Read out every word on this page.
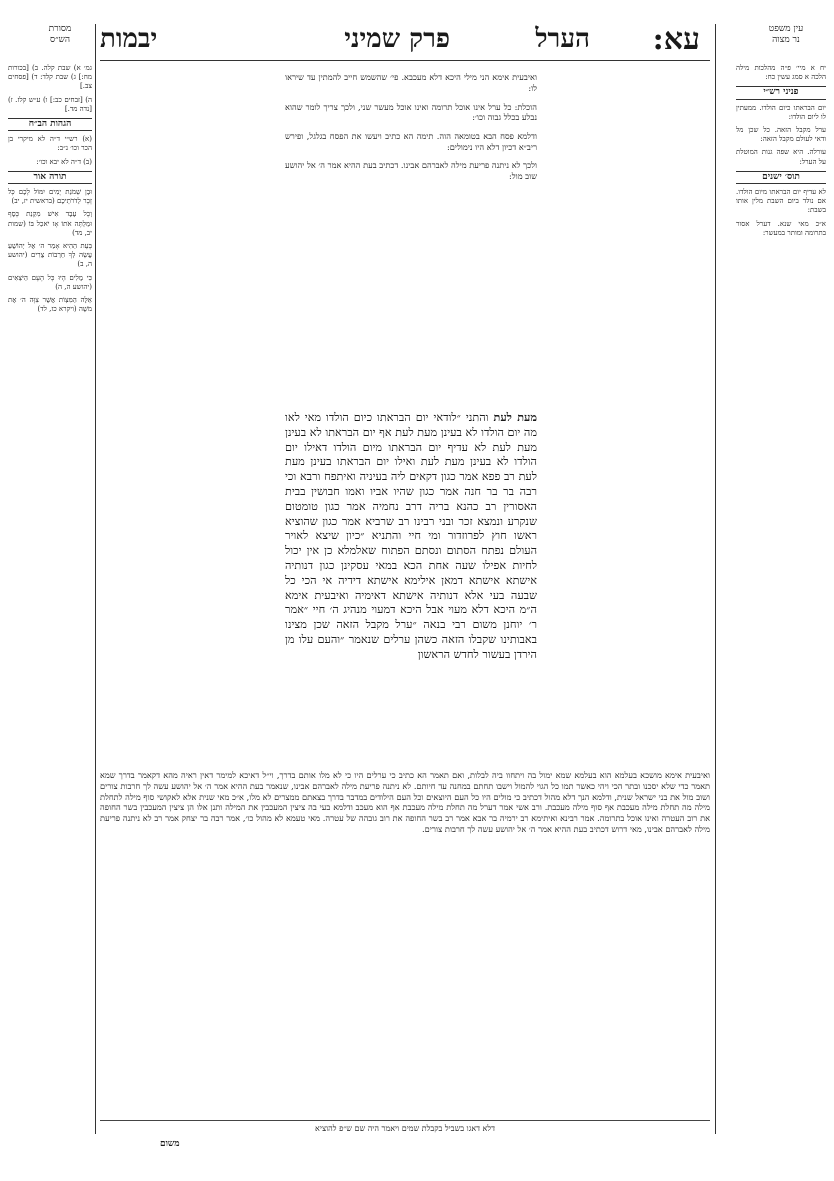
עא:
הערל
פרק שמיני
יבמות	עין משפט
נר מצוה
מסורת
הש״ס

יח א מיי׳ פ״ה מהלכות מילה הלכה א סמג עשין כח:

פניני רש״י

יום הבראתו כיום הולדו. ממעתין לו ליום הולדו:

ערל מקבל הזאה. כל שכן מל ודאי לעולם מקבל הזאה:

עורלה. היא שפה גנות המוטלת על הערל:

תוס׳ ישנים

לא עדיף יום הבראתו מיום הולדו. אם נולד ביום השבת מלין אותו בשבת:

א״כ מאי שנא. דערל אסור בתרומה ומותר במעשר:

גמ׳ א) שבת קלה. ב) [בכורות מח:] ג) שבת קלד: ד) [פסחים צב.]

ה) [זבחים כב:] ו) ע״ש קלז. ז) [נדה מד.]

הגהות הב״ח

(א) רש״י ד״ה לא מיקרי בן הכר וכו׳ נ״ב:

(ב) ד״ה לא יבא וכו׳:

תורה אור

וּבֶן שְׁמֹנַת יָמִים יִמּוֹל לָכֶם כָּל זָכָר לְדֹרֹתֵיכֶם (בראשית יז, יב)

וְכָל עֶבֶד אִישׁ מִקְנַת כָּסֶף וּמַלְתָּה אֹתוֹ אָז יֹאכַל בּוֹ (שמות יב, מד)

בָּעֵת הַהִיא אָמַר ה׳ אֶל יְהוֹשֻׁעַ עֲשֵׂה לְךָ חַרְבוֹת צֻרִים (יהושע ה, ב)

כִּי מֻלִים הָיוּ כָּל הָעָם הַיֹּצְאִים (יהושע ה, ה)

אֵלֶּה הַמִּצְוֹת אֲשֶׁר צִוָּה ה׳ אֶת מֹשֶׁה (ויקרא כז, לד)

ואיבעית אימא הני מילי היכא דלא מעכבא. פי׳ שהשמש חייב להמתין עד שיראו לו:

הוכלת: כל ערל אינו אוכל תרומה ואינו אוכל מעשר שני, ולכך צריך לומר שהוא נבלע בכלל גבוה וכו׳:

ודלמא פסח הבא בטומאה הוה. תימה הא כתיב ויעשו את הפסח בגלגל, ופירש ריב״א דכיון דלא היו נימולים:

ולכך לא ניתנה פריעת מילה לאברהם אבינו. דכתיב בעת ההיא אמר ה׳ אל יהושע שוב מול:

מעת לעת והתני ״לודאי יום הבראתו כיום הולדו מאי לאו מה יום הולדו לא בעינן מעת לעת אף יום הבראתו לא בעינן מעת לעת לא עדיף יום הבראתו מיום הולדו דאילו יום הולדו לא בעינן מעת לעת ואילו יום הבראתו בעינן מעת לעת רב פפא אמר כגון דקאים ליה בעיניה ואיתפח ורבא וכי רבה בר בר חנה אמר כגון שהיו אביו ואמו חבושין בבית האסורין רב כהנא בריה דרב נחמיה אמר כגון טומטום שנקרע ונמצא זכר ובני רבינו רב שרביא אמר כגון שהוציא ראשו חוץ לפרוזדור ומי חיי והתניא ״כיון שיצא לאויר העולם נפתח הסתום ונסתם הפתוח שאלמלא כן אין יכול לחיות אפילו שעה אחת הכא במאי עסקינן כגון דנותיה אישתא אישתא דמאן אילימא אישתא דידיה אי הכי כל שבעה בעי אלא דנותיה אישתא דאימיה ואיבעית אימא ה״מ היכא דלא מעוי אבל היכא דמעוי מנהיג ה׳ חיי ״אמר ר׳ יוחנן משום רבי בנאה ״ערל מקבל הזאה שכן מצינו באבותינו שקבלו הזאה כשהן ערלים שנאמר ״והעם עלו מן הירדן בעשור לחדש הראשון
ואיבעית אימא מושכא בעלמא הוא בעלמא שמא ימול בה ויתחוו ביה לבלות, ואם תאמר הא כתיב כי ערלים היו כי לא מלו אותם בדרך, וי״ל דאיכא למימר דאין ראיה מהא דקאמר בדרך שמא תאמר כדי שלא יסכנו ובתר הכי ויהי כאשר תמו כל הגוי להמול וישבו תחתם במחנה עד חיותם. לא ניתנה פריעת מילה לאברהם אבינו, שנאמר בעת ההיא אמר ה׳ אל יהושע עשה לך חרבות צורים ושוב מול את בני ישראל שנית, ודלמא הנך דלא מהול דכתיב כי מולים היו כל העם היוצאים וכל העם הילודים במדבר בדרך בצאתם ממצרים לא מלו, א״כ מאי שנית אלא לאקושי סוף מילה לתחלת מילה מה תחלת מילה מעכבת אף סוף מילה מעכבת. ורב אשי אמר דערל מה תחלת מילה מעכבת אף הוא מעכב ודלמא בעי בה ציצין המעכבין את המילה ותנן אלו הן ציצין המעכבין בשר החופה את רוב העטרה ואינו אוכל בתרומה. אמר רבינא ואיתימא רב ירמיה בר אבא אמר רב בשר החופה את רוב גובהה של עטרה. מאי טעמא לא מהול כו׳, אמר רבה בר יצחק אמר רב לא ניתנה פריעת מילה לאברהם אבינו, מאי דרוש דכתיב בעת ההיא אמר ה׳ אל יהושע עשה לך חרבות צורים.
דלא דאגו בשביל בקבלת שמים ויאמר היה שם ש״פ להוציא
משום
